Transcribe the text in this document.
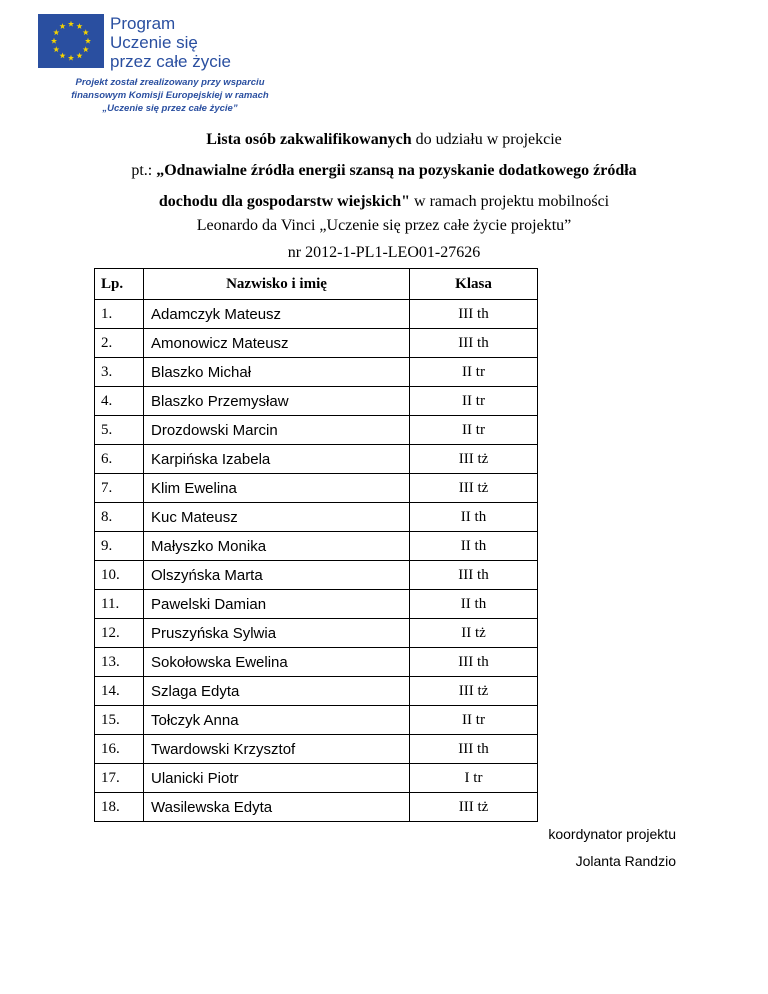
Program
Uczenie się
przez całe życie
Projekt został zrealizowany przy wsparciu
finansowym Komisji Europejskiej w ramach
„Uczenie się przez całe życie”
Lista osób zakwalifikowanych do udziału w projekcie
pt.: „Odnawialne źródła energii szansą na pozyskanie dodatkowego źródła
dochodu dla gospodarstw wiejskich" w ramach projektu mobilności
Leonardo da Vinci „Uczenie się przez całe życie projektu”
nr 2012-1-PL1-LEO01-27626
Lp.	Nazwisko i imię	Klasa
1.	Adamczyk Mateusz	III th
2.	Amonowicz Mateusz	III th
3.	Blaszko Michał	II tr
4.	Blaszko Przemysław	II tr
5.	Drozdowski Marcin	II tr
6.	Karpińska Izabela	III tż
7.	Klim Ewelina	III tż
8.	Kuc Mateusz	II th
9.	Małyszko Monika	II th
10.	Olszyńska Marta	III th
11.	Pawelski Damian	II th
12.	Pruszyńska Sylwia	II tż
13.	Sokołowska Ewelina	III th
14.	Szlaga Edyta	III tż
15.	Tołczyk Anna	II tr
16.	Twardowski Krzysztof	III th
17.	Ulanicki Piotr	I tr
18.	Wasilewska Edyta	III tż
koordynator projektu
Jolanta Randzio
